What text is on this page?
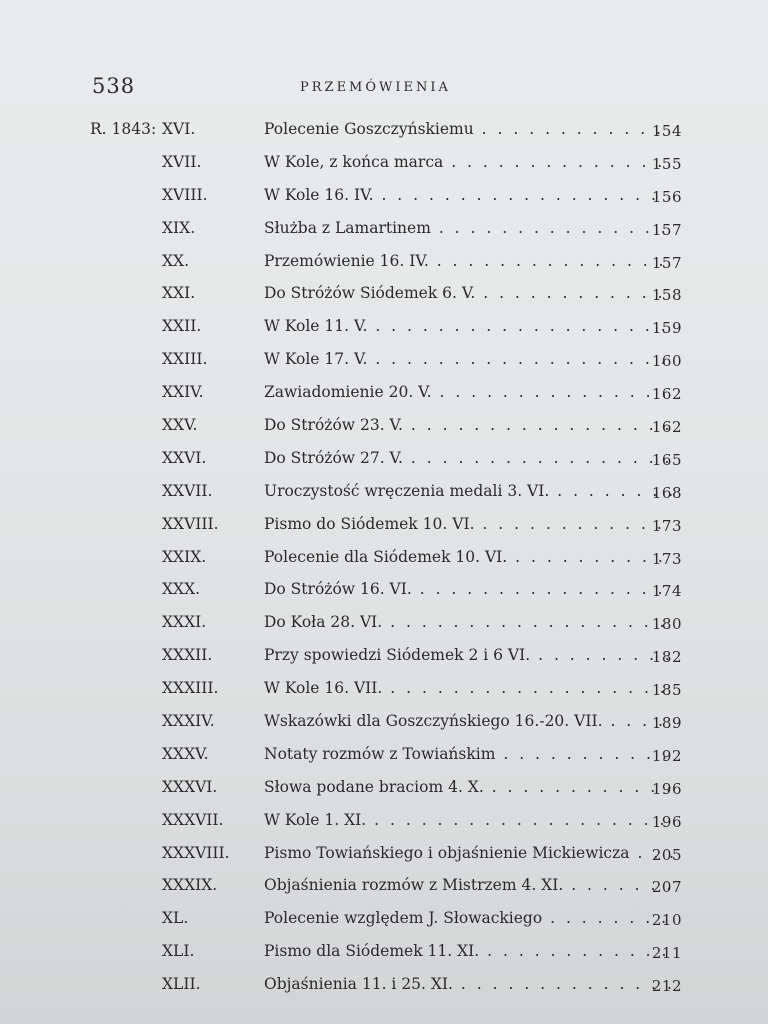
538	PRZEMÓWIENIA
R. 1843: XVI.	Polecenie Goszczyńskiemu . . .	154
XVII.	W Kole, z końca marca . . .	155
XVIII.	W Kole 16. IV. . . .	156
XIX.	Służba z Lamartinem . . .	157
XX.	Przemówienie 16. IV. . . .	157
XXI.	Do Stróżów Siódemek 6. V. . . .	158
XXII.	W Kole 11. V. . . .	159
XXIII.	W Kole 17. V. . . .	160
XXIV.	Zawiadomienie 20. V. . . .	162
XXV.	Do Stróżów 23. V. . . .	162
XXVI.	Do Stróżów 27. V. . . .	165
XXVII.	Uroczystość wręczenia medali 3. VI. . . .	168
XXVIII.	Pismo do Siódemek 10. VI. . . .	173
XXIX.	Polecenie dla Siódemek 10. VI. . . .	173
XXX.	Do Stróżów 16. VI. . . .	174
XXXI.	Do Koła 28. VI. . . .	180
XXXII.	Przy spowiedzi Siódemek 2 i 6 VI. . . .	182
XXXIII.	W Kole 16. VII. . . .	185
XXXIV.	Wskazówki dla Goszczyńskiego 16.-20. VII. . . .	189
XXXV.	Notaty rozmów z Towiańskim . . .	192
XXXVI.	Słowa podane braciom 4. X. . . .	196
XXXVII.	W Kole 1. XI. . . .	196
XXXVIII. Pismo Towiańskiego i objaśnienie Mickiewicza . . .	205
XXXIX.	Objaśnienia rozmów z Mistrzem 4. XI. . . .	207
XL.	Polecenie względem J. Słowackiego . . .	210
XLI.	Pismo dla Siódemek 11. XI. . . .	211
XLII.	Objaśnienia 11. i 25. XI. . . .	212
